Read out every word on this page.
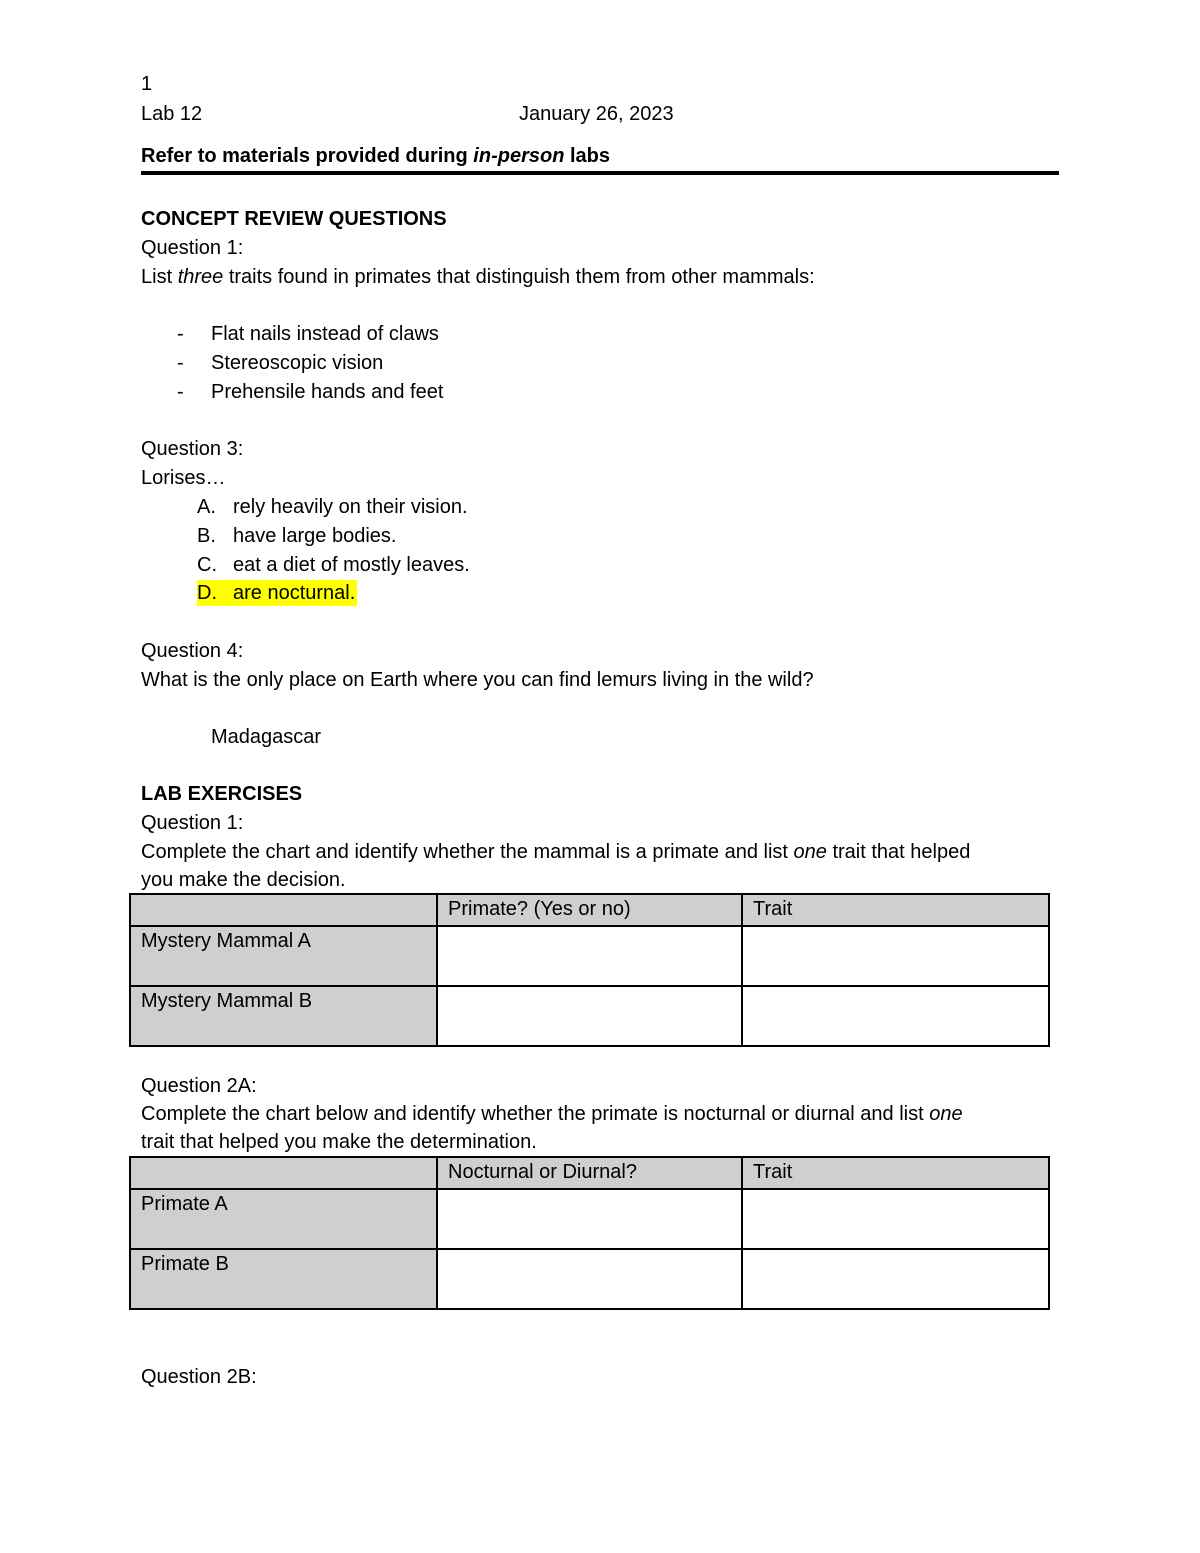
1
Lab 12	January 26, 2023
Refer to materials provided during in-person labs
CONCEPT REVIEW QUESTIONS
Question 1:
List three traits found in primates that distinguish them from other mammals:
- Flat nails instead of claws
- Stereoscopic vision
- Prehensile hands and feet
Question 3:
Lorises…
A. rely heavily on their vision.
B. have large bodies.
C. eat a diet of mostly leaves.
D. are nocturnal.
Question 4:
What is the only place on Earth where you can find lemurs living in the wild?
Madagascar
LAB EXERCISES
Question 1:
Complete the chart and identify whether the mammal is a primate and list one trait that helped
you make the decision.
	Primate? (Yes or no)	Trait
Mystery Mammal A		
Mystery Mammal B		
Question 2A:
Complete the chart below and identify whether the primate is nocturnal or diurnal and list one
trait that helped you make the determination.
	Nocturnal or Diurnal?	Trait
Primate A		
Primate B		
Question 2B:
